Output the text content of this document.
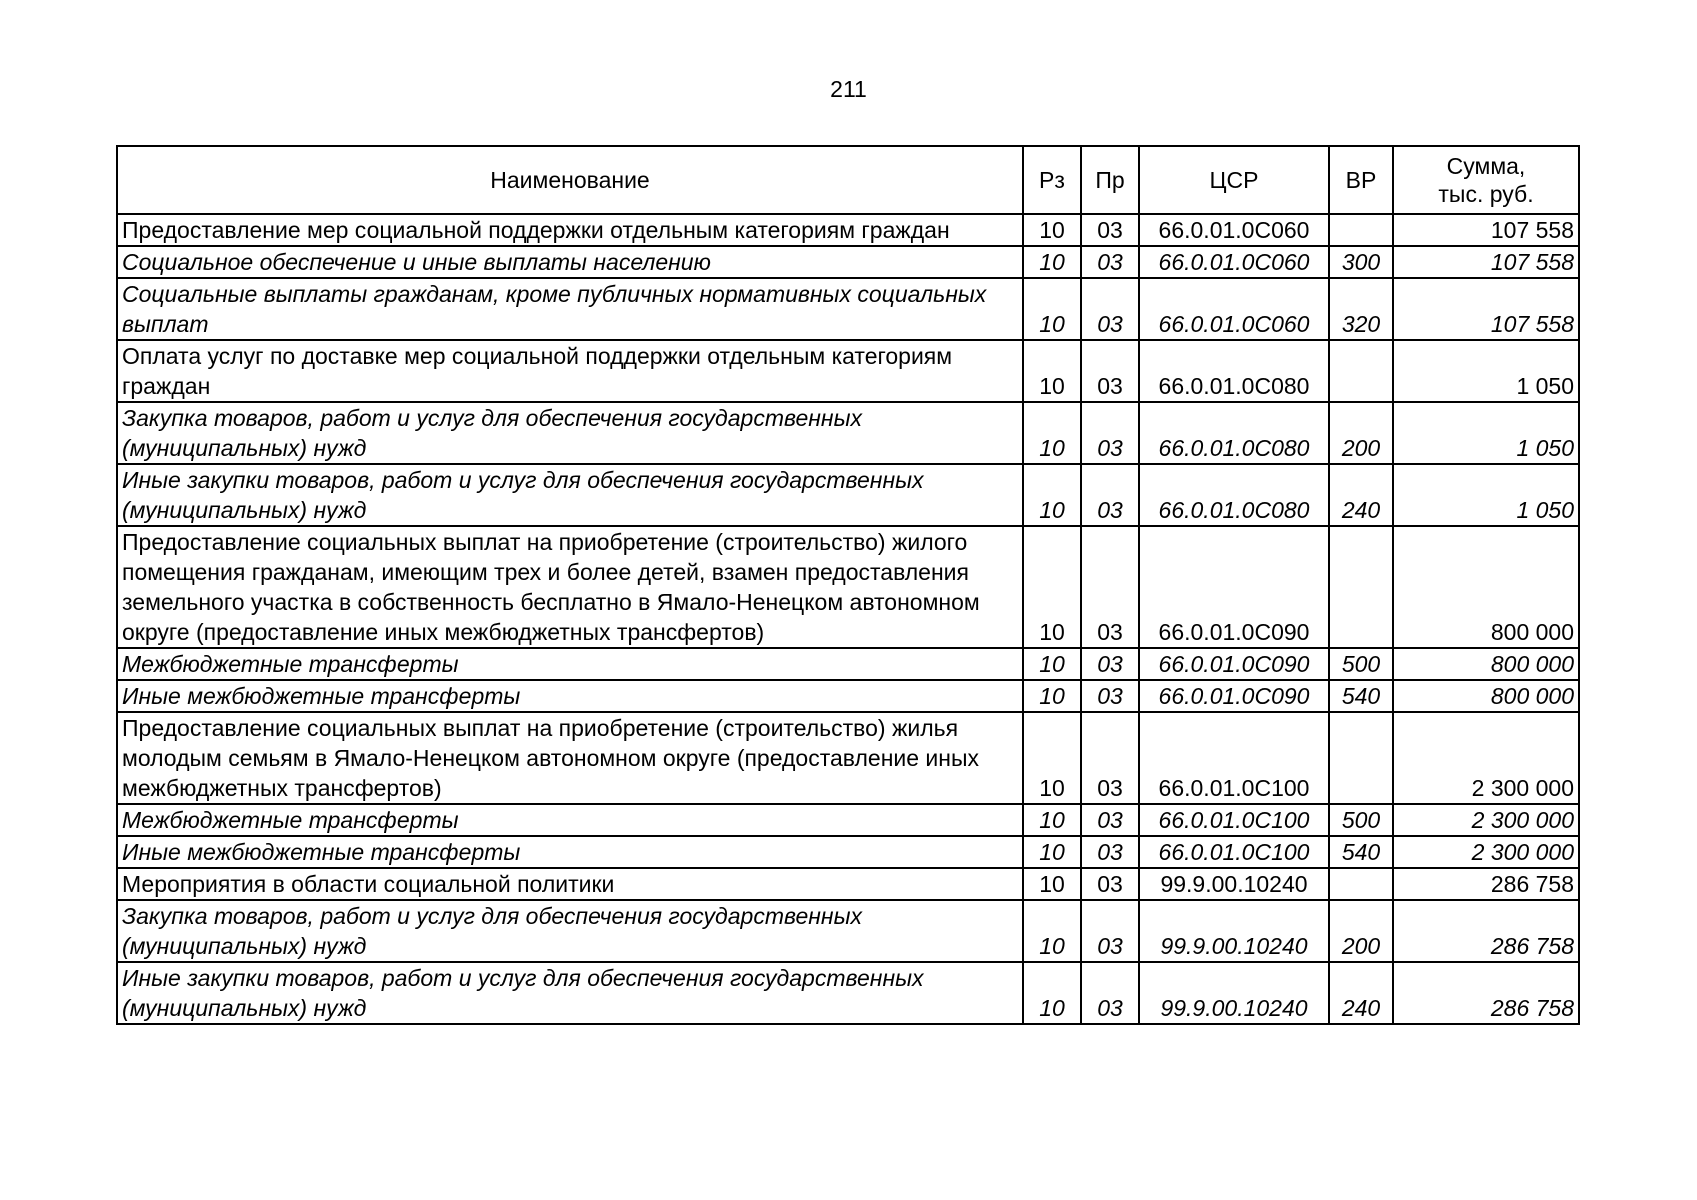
211
Наименование	Рз	Пр	ЦСР	ВР	Сумма,
тыс. руб.

Предоставление мер социальной поддержки отдельным категориям граждан	10	03	66.0.01.0С060		107 558
Социальное обеспечение и иные выплаты населению	10	03	66.0.01.0С060	300	107 558
Социальные выплаты гражданам, кроме публичных нормативных социальных выплат	10	03	66.0.01.0С060	320	107 558
Оплата услуг по доставке мер социальной поддержки отдельным категориям граждан	10	03	66.0.01.0С080		1 050
Закупка товаров, работ и услуг для обеспечения государственных (муниципальных) нужд	10	03	66.0.01.0С080	200	1 050
Иные закупки товаров, работ и услуг для обеспечения государственных (муниципальных) нужд	10	03	66.0.01.0С080	240	1 050
Предоставление социальных выплат на приобретение (строительство) жилого помещения гражданам, имеющим трех и более детей, взамен предоставления земельного участка в собственность бесплатно в Ямало-Ненецком автономном округе (предоставление иных межбюджетных трансфертов)	10	03	66.0.01.0С090		800 000
Межбюджетные трансферты	10	03	66.0.01.0С090	500	800 000
Иные межбюджетные трансферты	10	03	66.0.01.0С090	540	800 000
Предоставление социальных выплат на приобретение (строительство) жилья молодым семьям в Ямало-Ненецком автономном округе (предоставление иных межбюджетных трансфертов)	10	03	66.0.01.0С100		2 300 000
Межбюджетные трансферты	10	03	66.0.01.0С100	500	2 300 000
Иные межбюджетные трансферты	10	03	66.0.01.0С100	540	2 300 000
Мероприятия в области социальной политики	10	03	99.9.00.10240		286 758
Закупка товаров, работ и услуг для обеспечения государственных (муниципальных) нужд	10	03	99.9.00.10240	200	286 758
Иные закупки товаров, работ и услуг для обеспечения государственных (муниципальных) нужд	10	03	99.9.00.10240	240	286 758
